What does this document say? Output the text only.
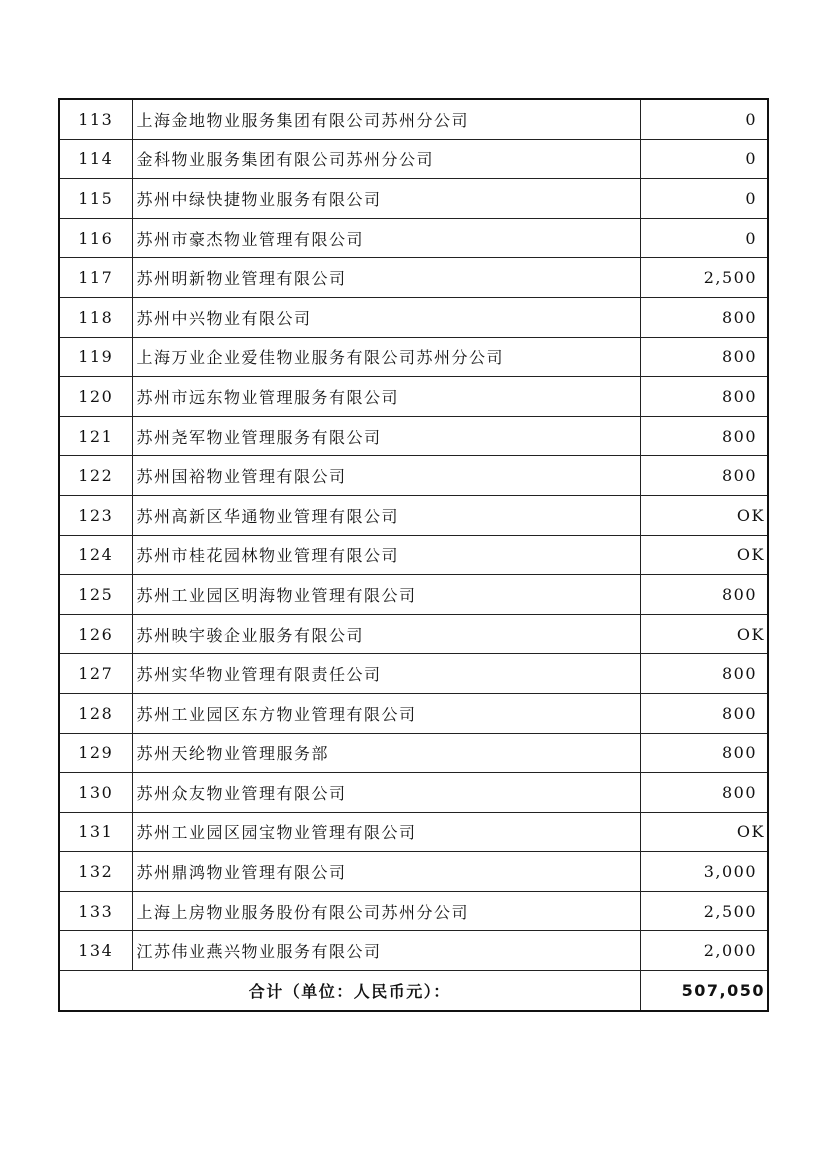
113	上海金地物业服务集团有限公司苏州分公司	0
114	金科物业服务集团有限公司苏州分公司	0
115	苏州中绿快捷物业服务有限公司	0
116	苏州市豪杰物业管理有限公司	0
117	苏州明新物业管理有限公司	2,500
118	苏州中兴物业有限公司	800
119	上海万业企业爱佳物业服务有限公司苏州分公司	800
120	苏州市远东物业管理服务有限公司	800
121	苏州尧军物业管理服务有限公司	800
122	苏州国裕物业管理有限公司	800
123	苏州高新区华通物业管理有限公司	OK
124	苏州市桂花园林物业管理有限公司	OK
125	苏州工业园区明海物业管理有限公司	800
126	苏州映宇骏企业服务有限公司	OK
127	苏州实华物业管理有限责任公司	800
128	苏州工业园区东方物业管理有限公司	800
129	苏州天纶物业管理服务部	800
130	苏州众友物业管理有限公司	800
131	苏州工业园区园宝物业管理有限公司	OK
132	苏州鼎鸿物业管理有限公司	3,000
133	上海上房物业服务股份有限公司苏州分公司	2,500
134	江苏伟业燕兴物业服务有限公司	2,000
合计（单位：人民币元）：		507,050
